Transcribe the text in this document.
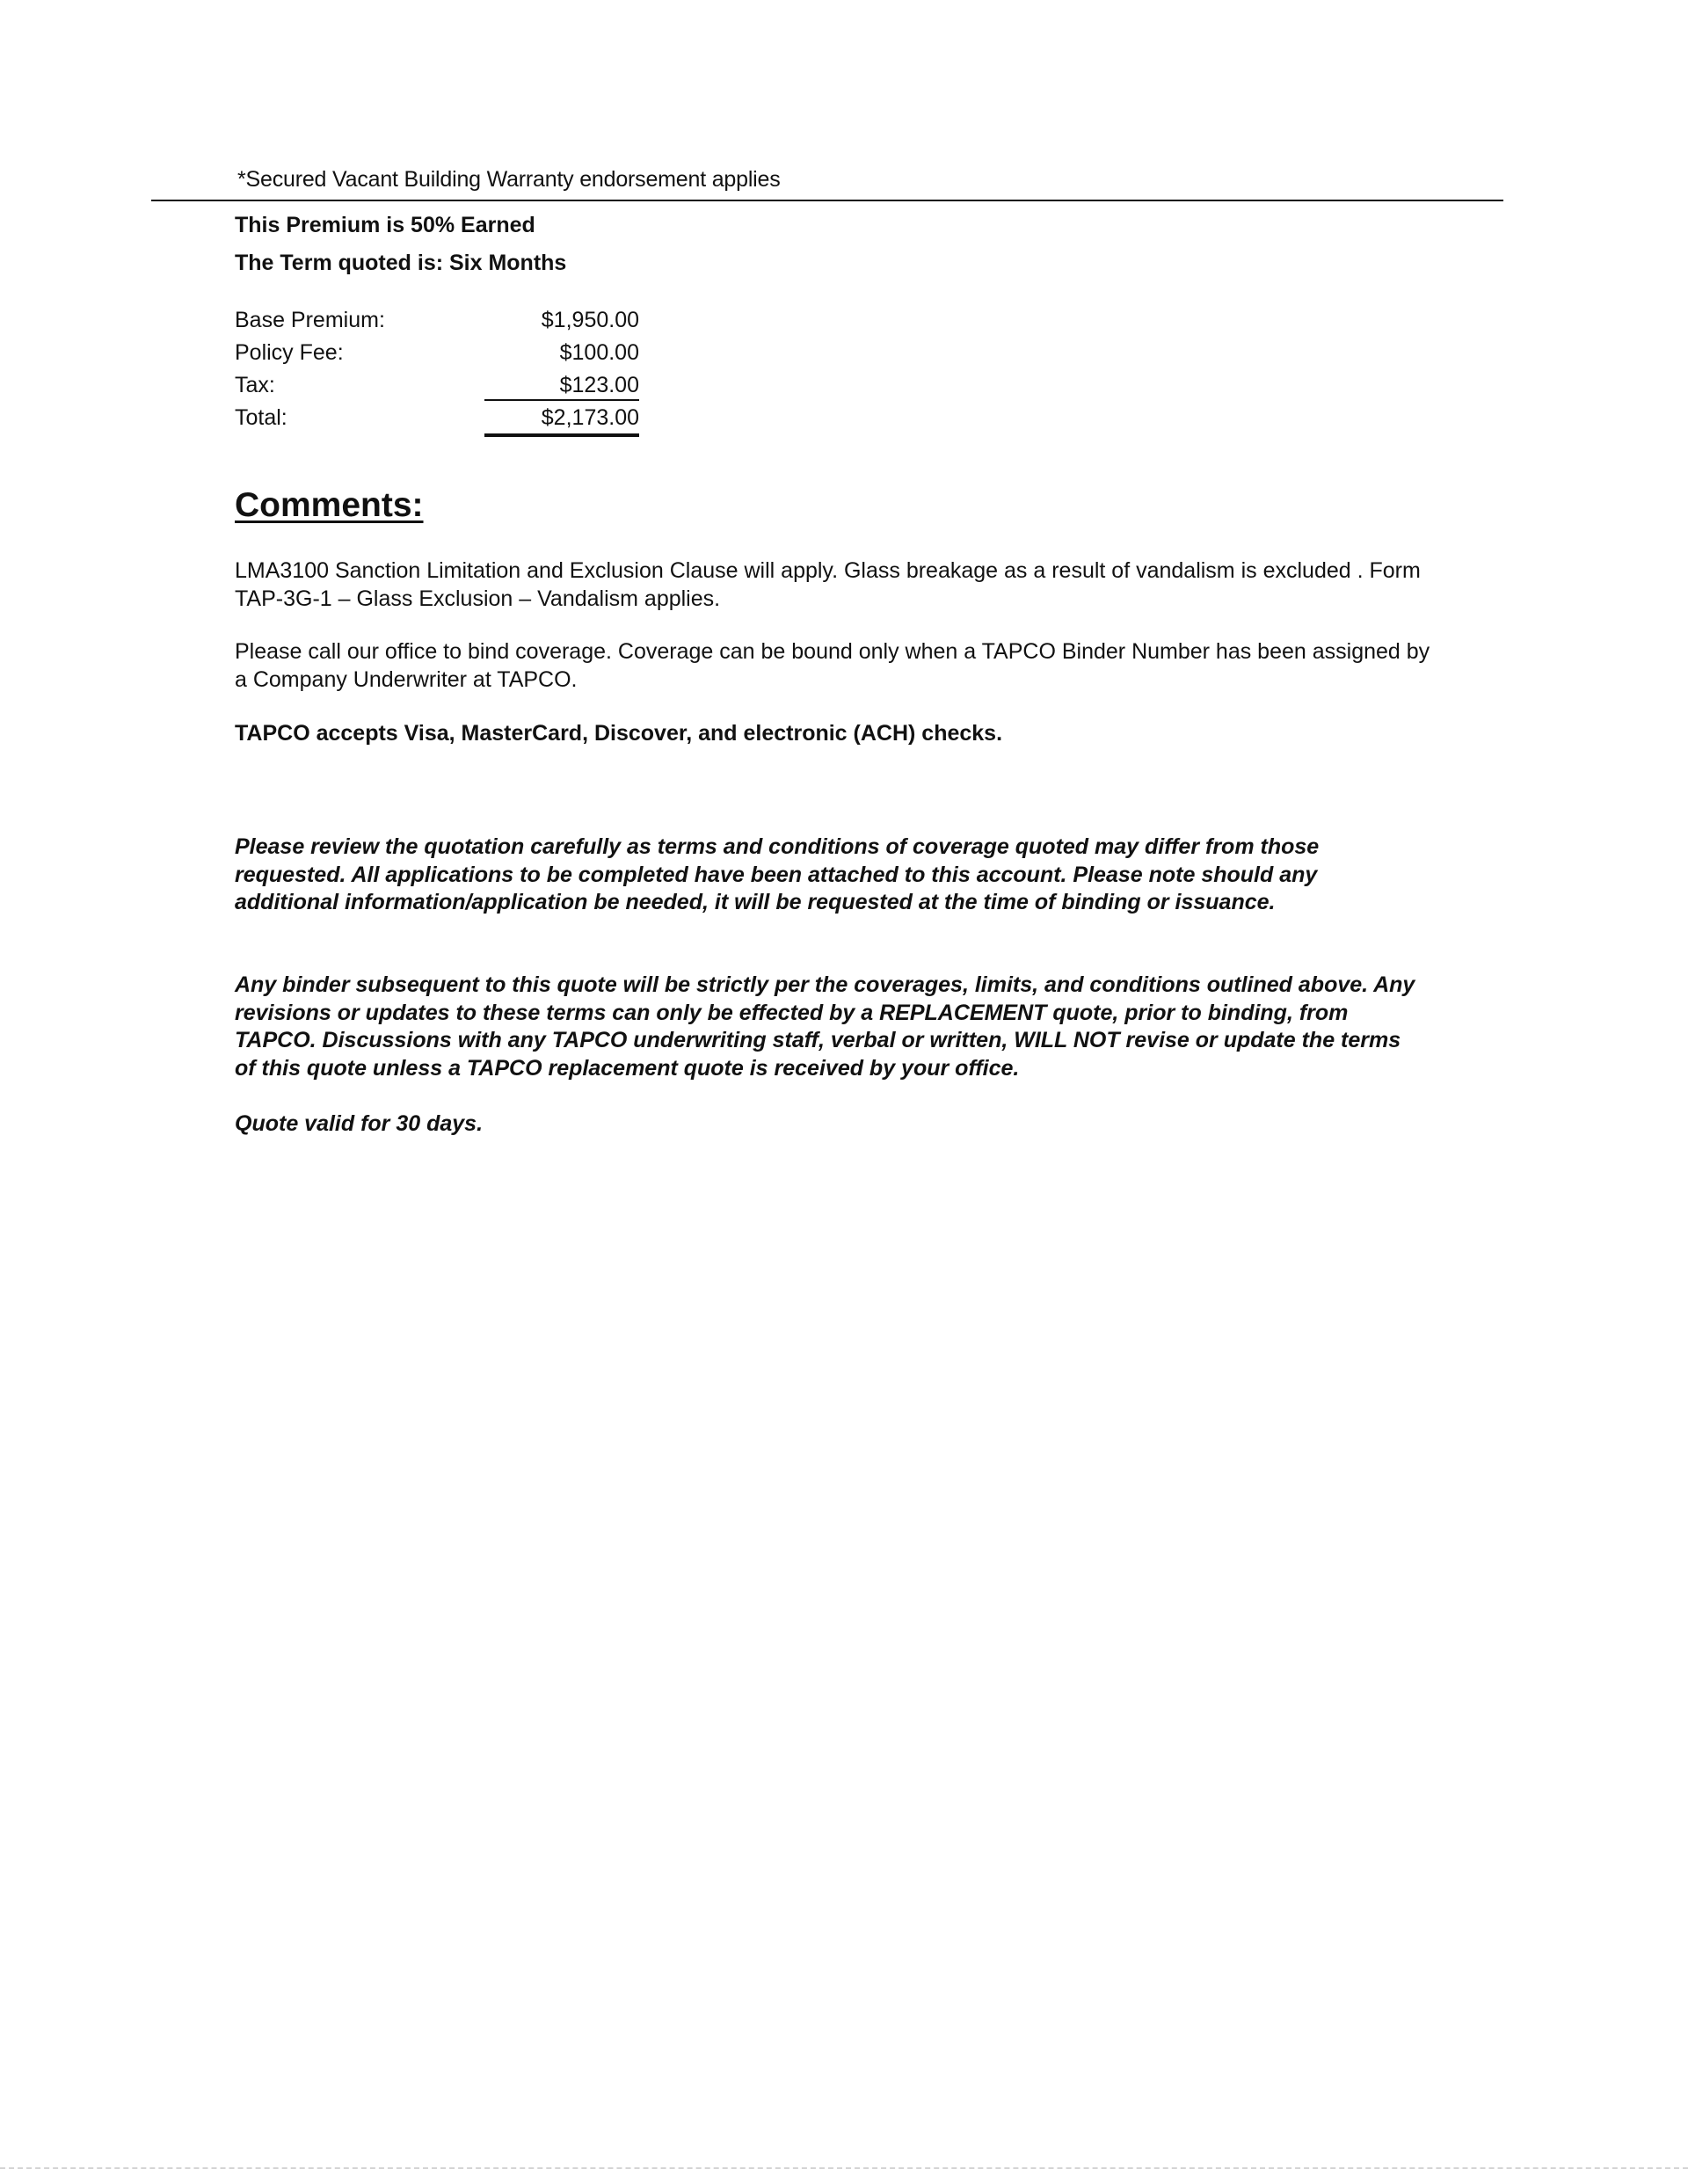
*Secured Vacant Building Warranty endorsement applies
This Premium is 50% Earned
The Term quoted is: Six Months
Base Premium:	$1,950.00
Policy Fee:	$100.00
Tax:	$123.00
Total:	$2,173.00
Comments:
LMA3100 Sanction Limitation and Exclusion Clause will apply. Glass breakage as a result of vandalism is excluded . Form TAP-3G-1 – Glass Exclusion – Vandalism applies.
Please call our office to bind coverage. Coverage can be bound only when a TAPCO Binder Number has been assigned by a Company Underwriter at TAPCO.
TAPCO accepts Visa, MasterCard, Discover, and electronic (ACH) checks.
Please review the quotation carefully as terms and conditions of coverage quoted may differ from those requested. All applications to be completed have been attached to this account. Please note should any additional information/application be needed, it will be requested at the time of binding or issuance.
Any binder subsequent to this quote will be strictly per the coverages, limits, and conditions outlined above. Any revisions or updates to these terms can only be effected by a REPLACEMENT quote, prior to binding, from TAPCO. Discussions with any TAPCO underwriting staff, verbal or written, WILL NOT revise or update the terms of this quote unless a TAPCO replacement quote is received by your office.
Quote valid for 30 days.
